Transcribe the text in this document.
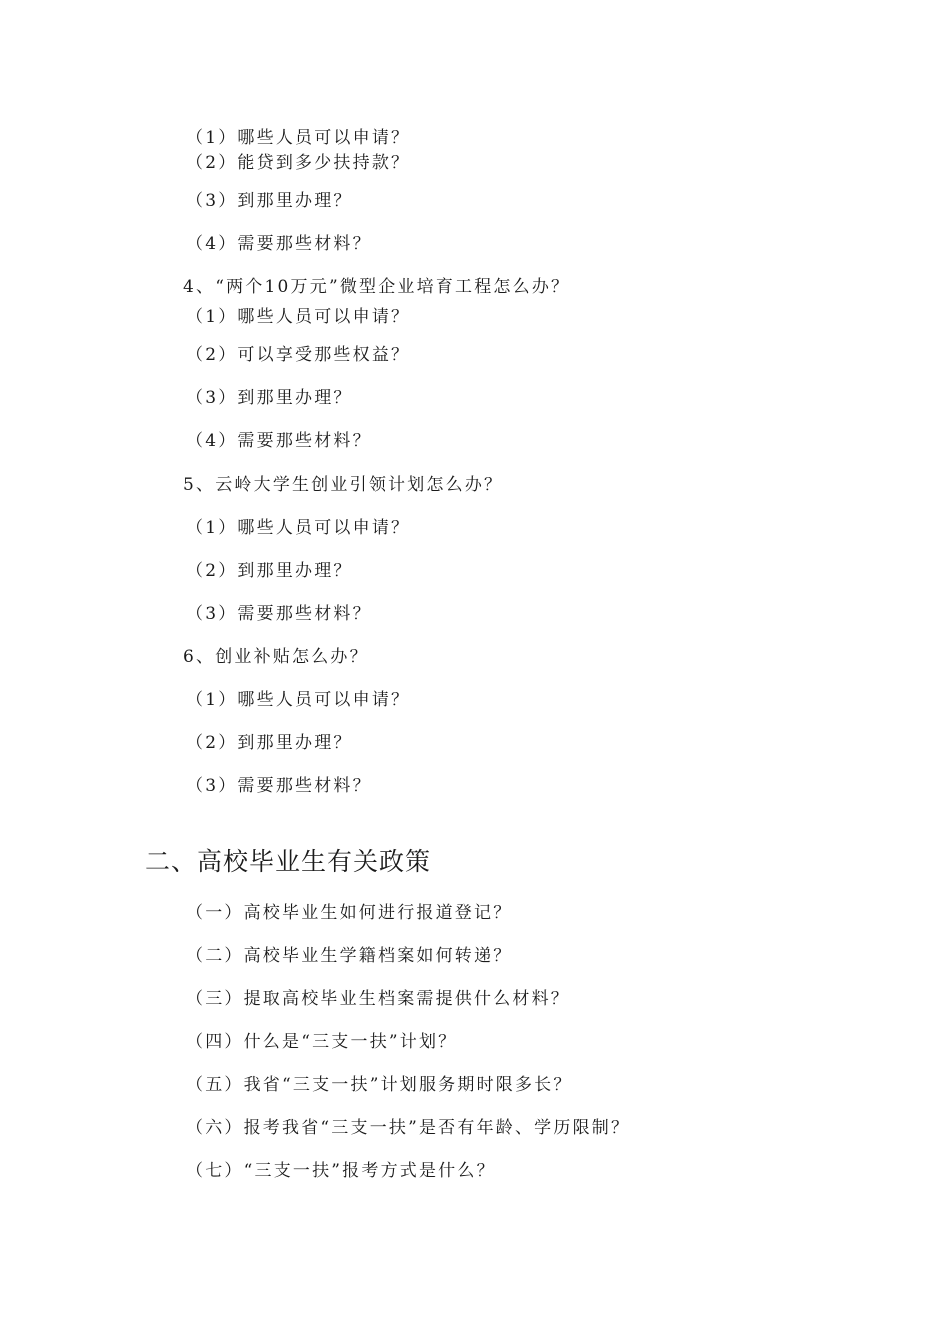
（1）哪些人员可以申请？
（2）能贷到多少扶持款？
（3）到那里办理？
（4）需要那些材料？
4、“两个10万元”微型企业培育工程怎么办？
（1）哪些人员可以申请？
（2）可以享受那些权益？
（3）到那里办理？
（4）需要那些材料？
5、云岭大学生创业引领计划怎么办？
（1）哪些人员可以申请？
（2）到那里办理？
（3）需要那些材料？
6、创业补贴怎么办？
（1）哪些人员可以申请？
（2）到那里办理？
（3）需要那些材料？
二、高校毕业生有关政策
（一）高校毕业生如何进行报道登记？
（二）高校毕业生学籍档案如何转递？
（三）提取高校毕业生档案需提供什么材料？
（四）什么是“三支一扶”计划？
（五）我省“三支一扶”计划服务期时限多长？
（六）报考我省“三支一扶”是否有年龄、学历限制？
（七）“三支一扶”报考方式是什么？
